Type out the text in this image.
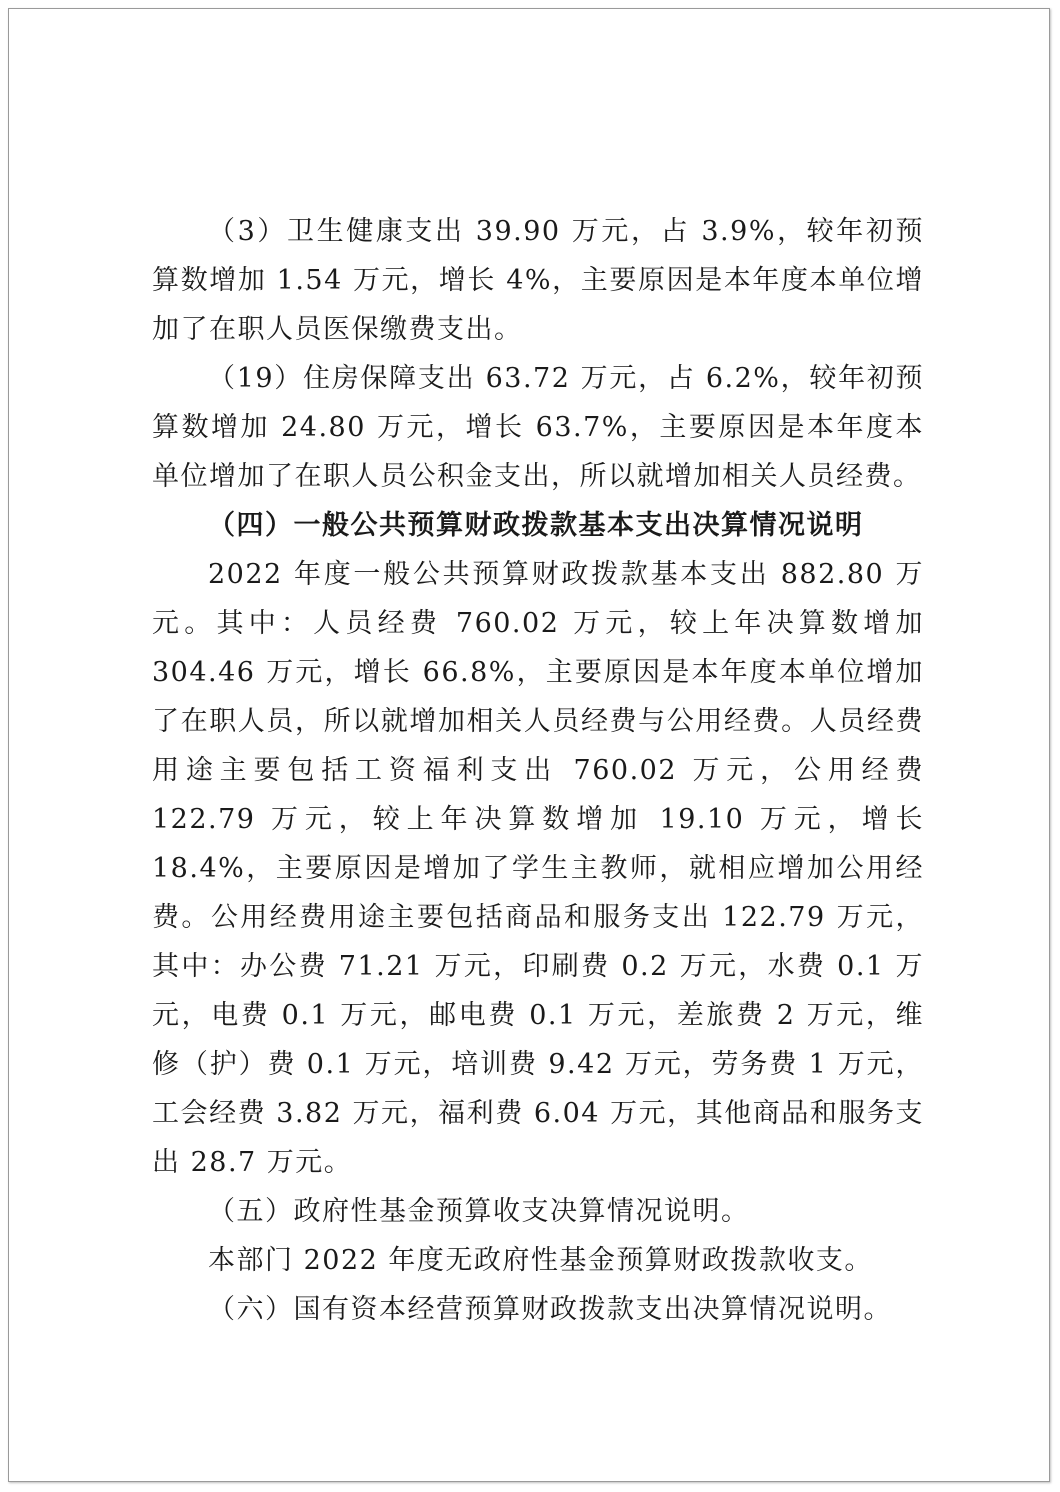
（3）卫生健康支出 39.90 万元，占 3.9%，较年初预算数增加 1.54 万元，增长 4%，主要原因是本年度本单位增加了在职人员医保缴费支出。

（19）住房保障支出 63.72 万元，占 6.2%，较年初预算数增加 24.80 万元，增长 63.7%，主要原因是本年度本单位增加了在职人员公积金支出，所以就增加相关人员经费。

（四）一般公共预算财政拨款基本支出决算情况说明

2022 年度一般公共预算财政拨款基本支出 882.80 万元。其中：人员经费 760.02 万元，较上年决算数增加 304.46 万元，增长 66.8%，主要原因是本年度本单位增加了在职人员，所以就增加相关人员经费与公用经费。人员经费用途主要包括工资福利支出 760.02 万元，公用经费 122.79 万元，较上年决算数增加 19.10 万元，增长 18.4%，主要原因是增加了学生主教师，就相应增加公用经费。公用经费用途主要包括商品和服务支出 122.79 万元，其中：办公费 71.21 万元，印刷费 0.2 万元，水费 0.1 万元，电费 0.1 万元，邮电费 0.1 万元，差旅费 2 万元，维修（护）费 0.1 万元，培训费 9.42 万元，劳务费 1 万元，工会经费 3.82 万元，福利费 6.04 万元，其他商品和服务支出 28.7 万元。

（五）政府性基金预算收支决算情况说明。

本部门 2022 年度无政府性基金预算财政拨款收支。

（六）国有资本经营预算财政拨款支出决算情况说明。
